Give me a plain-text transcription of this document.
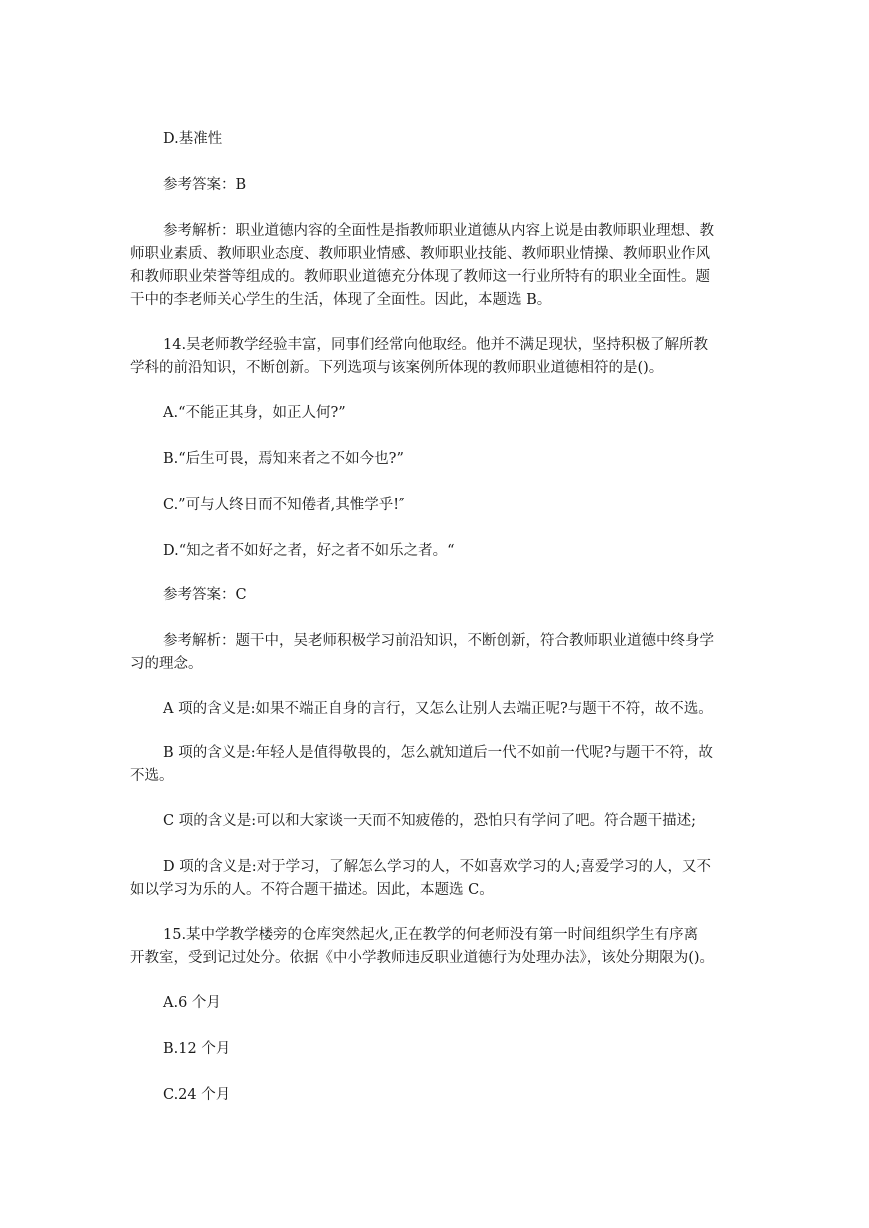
D.基准性
参考答案：B
参考解析：职业道德内容的全面性是指教师职业道德从内容上说是由教师职业理想、教
师职业素质、教师职业态度、教师职业情感、教师职业技能、教师职业情操、教师职业作风
和教师职业荣誉等组成的。教师职业道德充分体现了教师这一行业所特有的职业全面性。题
干中的李老师关心学生的生活，体现了全面性。因此，本题选 B。
14.吴老师教学经验丰富，同事们经常向他取经。他并不满足现状，坚持积极了解所教
学科的前沿知识，不断创新。下列选项与该案例所体现的教师职业道德相符的是()。
A.“不能正其身，如正人何?”
B.“后生可畏，焉知来者之不如今也?”
C.”可与人终日而不知倦者,其惟学乎!″
D.“知之者不如好之者，好之者不如乐之者。“
参考答案：C
参考解析：题干中，吴老师积极学习前沿知识，不断创新，符合教师职业道德中终身学
习的理念。
A 项的含义是:如果不端正自身的言行，又怎么让别人去端正呢?与题干不符，故不选。
B 项的含义是:年轻人是值得敬畏的，怎么就知道后一代不如前一代呢?与题干不符，故
不选。
C 项的含义是:可以和大家谈一天而不知疲倦的，恐怕只有学问了吧。符合题干描述;
D 项的含义是:对于学习，了解怎么学习的人，不如喜欢学习的人;喜爱学习的人，又不
如以学习为乐的人。不符合题干描述。因此，本题选 C。
15.某中学教学楼旁的仓库突然起火,正在教学的何老师没有第一时间组织学生有序离
开教室，受到记过处分。依据《中小学教师违反职业道德行为处理办法》，该处分期限为()。
A.6 个月
B.12 个月
C.24 个月
